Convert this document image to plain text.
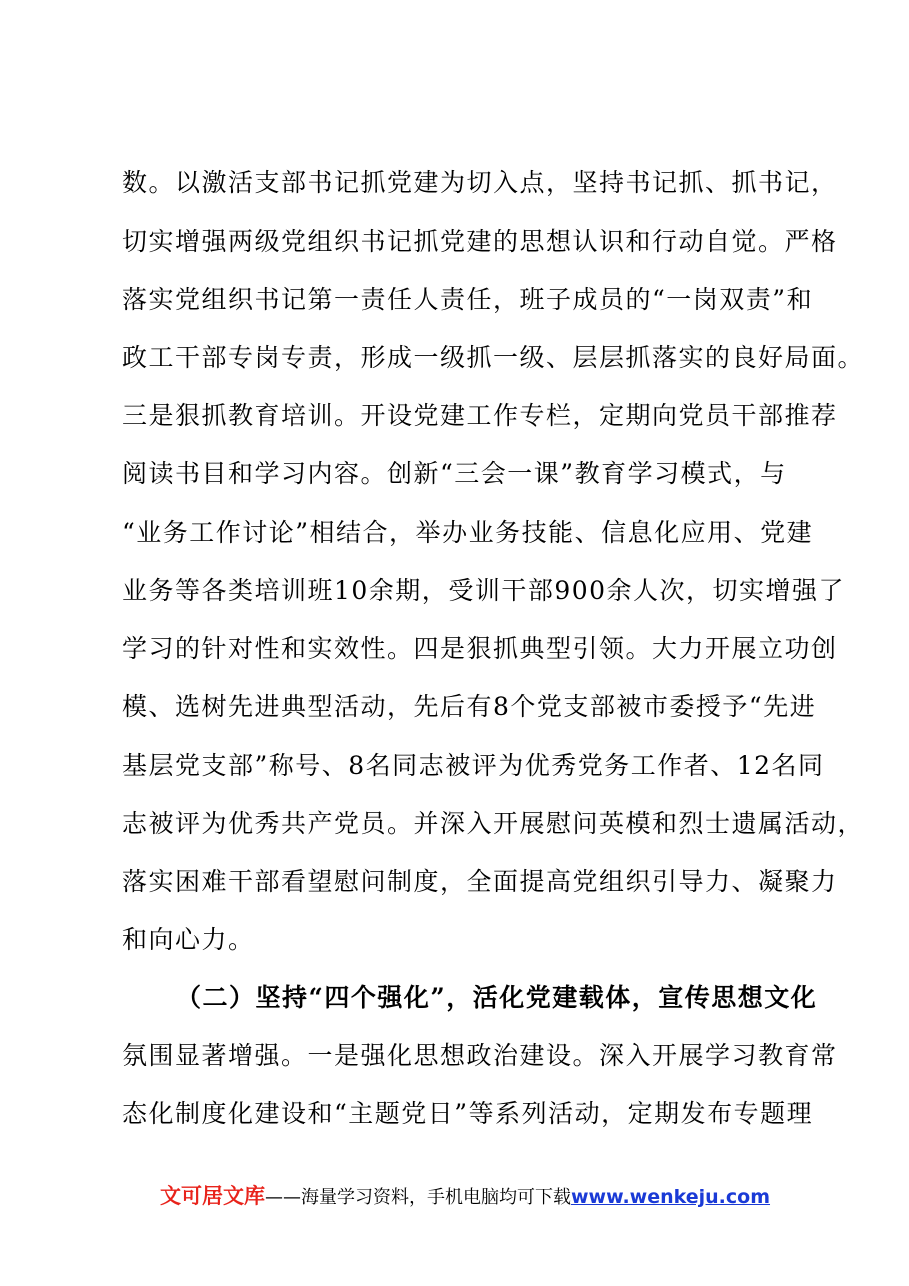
数。以激活支部书记抓党建为切入点，坚持书记抓、抓书记，
切实增强两级党组织书记抓党建的思想认识和行动自觉。严格
落实党组织书记第一责任人责任，班子成员的“一岗双责”和
政工干部专岗专责，形成一级抓一级、层层抓落实的良好局面。
三是狠抓教育培训。开设党建工作专栏，定期向党员干部推荐
阅读书目和学习内容。创新“三会一课”教育学习模式，与
“业务工作讨论”相结合，举办业务技能、信息化应用、党建
业务等各类培训班10余期，受训干部900余人次，切实增强了
学习的针对性和实效性。四是狠抓典型引领。大力开展立功创
模、选树先进典型活动，先后有8个党支部被市委授予“先进
基层党支部”称号、8名同志被评为优秀党务工作者、12名同
志被评为优秀共产党员。并深入开展慰问英模和烈士遗属活动，
落实困难干部看望慰问制度，全面提高党组织引导力、凝聚力
和向心力。
（二）坚持“四个强化”，活化党建载体，宣传思想文化
氛围显著增强。一是强化思想政治建设。深入开展学习教育常
态化制度化建设和“主题党日”等系列活动，定期发布专题理
文可居文库——海量学习资料，手机电脑均可下载www.wenkeju.com
